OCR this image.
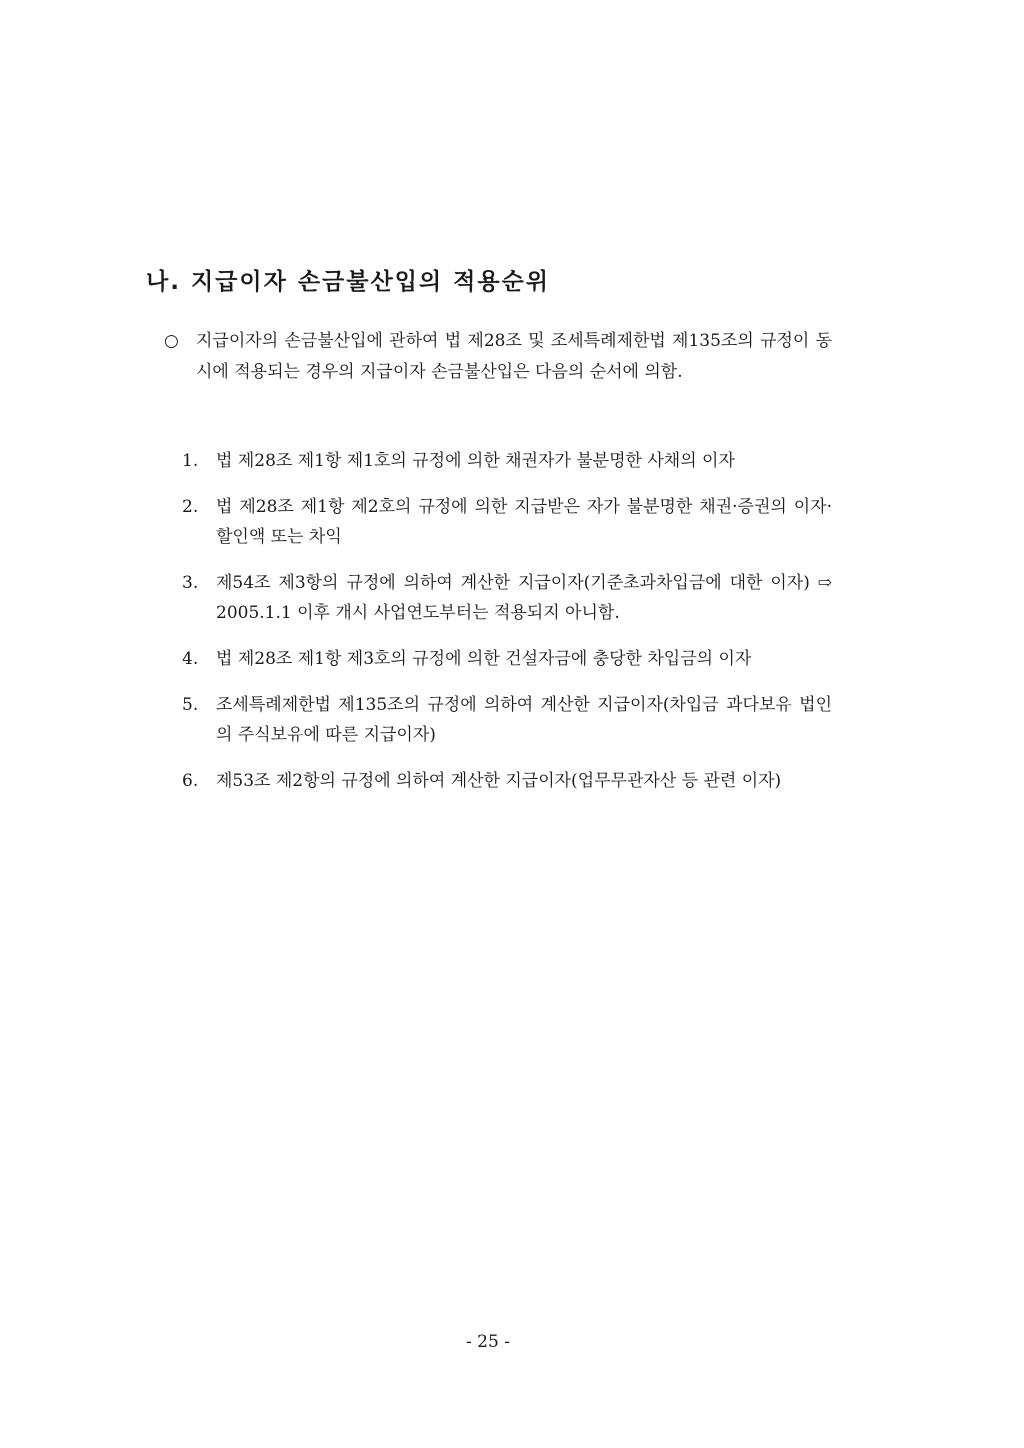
나. 지급이자 손금불산입의 적용순위
○ 지급이자의 손금불산입에 관하여 법 제28조 및 조세특례제한법 제135조의 규정이 동시에 적용되는 경우의 지급이자 손금불산입은 다음의 순서에 의함.
1. 법 제28조 제1항 제1호의 규정에 의한 채권자가 불분명한 사채의 이자
2. 법 제28조 제1항 제2호의 규정에 의한 지급받은 자가 불분명한 채권·증권의 이자·할인액 또는 차익
3. 제54조 제3항의 규정에 의하여 계산한 지급이자(기준초과차입금에 대한 이자) ⇨ 2005.1.1 이후 개시 사업연도부터는 적용되지 아니함.
4. 법 제28조 제1항 제3호의 규정에 의한 건설자금에 충당한 차입금의 이자
5. 조세특례제한법 제135조의 규정에 의하여 계산한 지급이자(차입금 과다보유 법인의 주식보유에 따른 지급이자)
6. 제53조 제2항의 규정에 의하여 계산한 지급이자(업무무관자산 등 관련 이자)
- 25 -
